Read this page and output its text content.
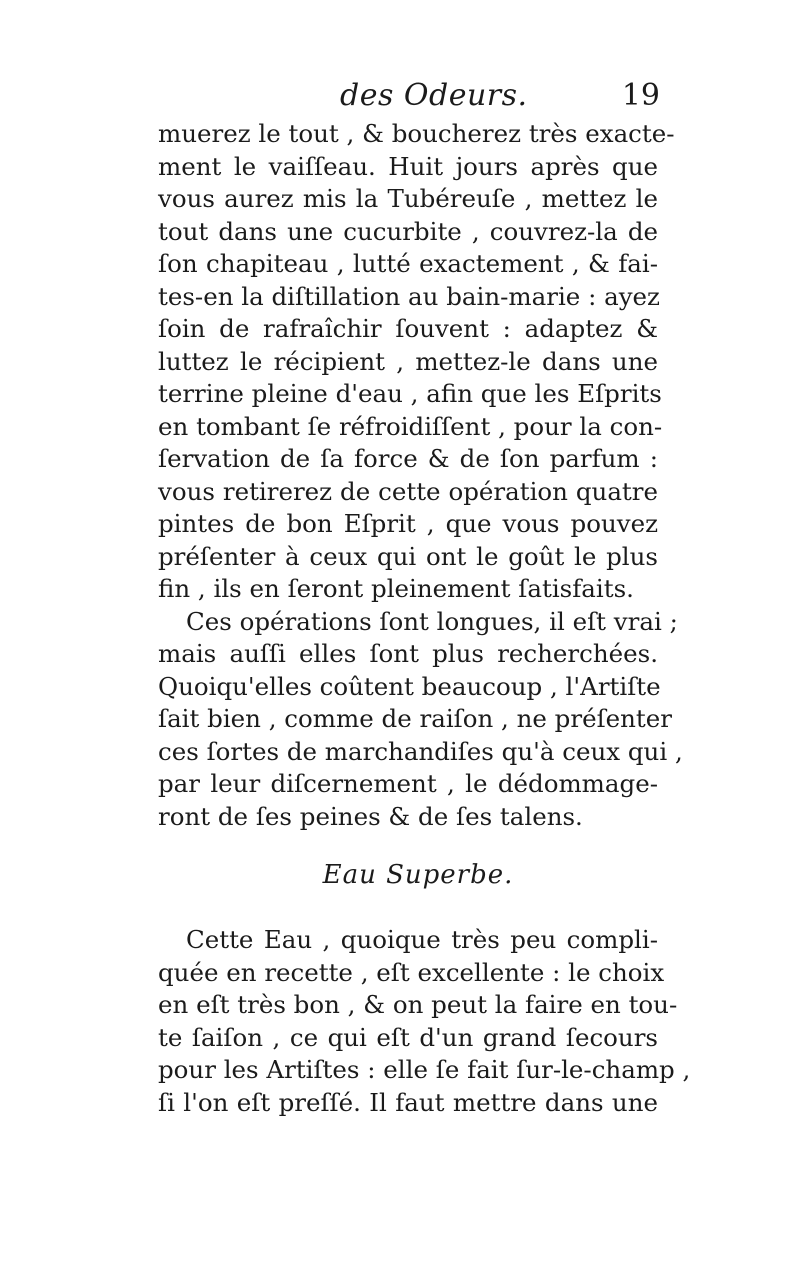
des Odeurs.	19
muerez le tout , & boucherez très exacte-
ment le vaiſſeau. Huit jours après que
vous aurez mis la Tubéreuſe , mettez le
tout dans une cucurbite , couvrez-la de
ſon chapiteau , lutté exactement , & fai-
tes-en la diſtillation au bain-marie : ayez
ſoin de rafraîchir ſouvent : adaptez &
luttez le récipient , mettez-le dans une
terrine pleine d'eau , afin que les Eſprits
en tombant ſe réfroidiſſent , pour la con-
ſervation de ſa force & de ſon parfum :
vous retirerez de cette opération quatre
pintes de bon Eſprit , que vous pouvez
préſenter à ceux qui ont le goût le plus
fin , ils en ſeront pleinement ſatisfaits.
Ces opérations ſont longues, il eſt vrai ;
mais auſſi elles ſont plus recherchées.
Quoiqu'elles coûtent beaucoup , l'Artiſte
ſait bien , comme de raiſon , ne préſenter
ces ſortes de marchandiſes qu'à ceux qui ,
par leur diſcernement , le dédommage-
ront de ſes peines & de ſes talens.
Eau Superbe.
Cette Eau , quoique très peu compli-
quée en recette , eſt excellente : le choix
en eſt très bon , & on peut la faire en tou-
te ſaiſon , ce qui eſt d'un grand ſecours
pour les Artiſtes : elle ſe fait ſur-le-champ ,
ſi l'on eſt preſſé. Il faut mettre dans une
